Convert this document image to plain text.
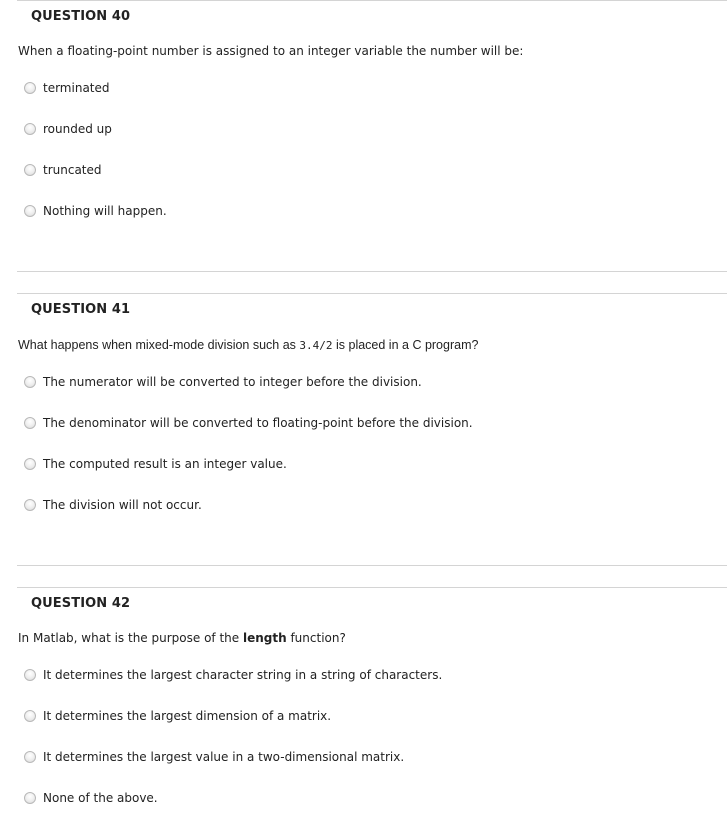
QUESTION 40
When a floating-point number is assigned to an integer variable the number will be:
terminated
rounded up
truncated
Nothing will happen.
QUESTION 41
What happens when mixed-mode division such as 3.4/2 is placed in a C program?
The numerator will be converted to integer before the division.
The denominator will be converted to floating-point before the division.
The computed result is an integer value.
The division will not occur.
QUESTION 42
In Matlab, what is the purpose of the length function?
It determines the largest character string in a string of characters.
It determines the largest dimension of a matrix.
It determines the largest value in a two-dimensional matrix.
None of the above.
